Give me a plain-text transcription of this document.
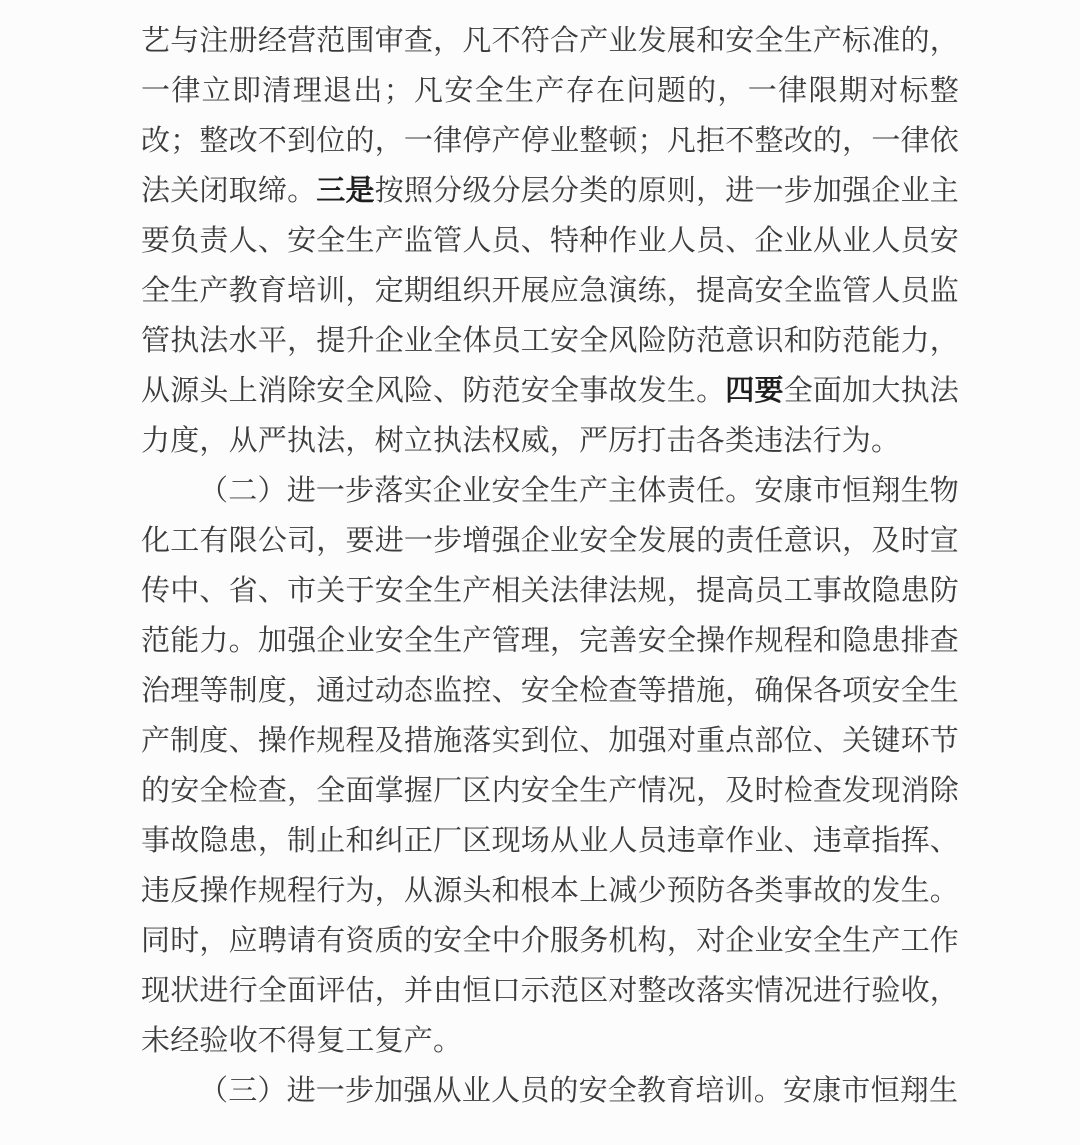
艺与注册经营范围审查，凡不符合产业发展和安全生产标准的，一律立即清理退出；凡安全生产存在问题的，一律限期对标整改；整改不到位的，一律停产停业整顿；凡拒不整改的，一律依法关闭取缔。三是按照分级分层分类的原则，进一步加强企业主要负责人、安全生产监管人员、特种作业人员、企业从业人员安全生产教育培训，定期组织开展应急演练，提高安全监管人员监管执法水平，提升企业全体员工安全风险防范意识和防范能力，从源头上消除安全风险、防范安全事故发生。四要全面加大执法力度，从严执法，树立执法权威，严厉打击各类违法行为。

（二）进一步落实企业安全生产主体责任。安康市恒翔生物化工有限公司，要进一步增强企业安全发展的责任意识，及时宣传中、省、市关于安全生产相关法律法规，提高员工事故隐患防范能力。加强企业安全生产管理，完善安全操作规程和隐患排查治理等制度，通过动态监控、安全检查等措施，确保各项安全生产制度、操作规程及措施落实到位、加强对重点部位、关键环节的安全检查，全面掌握厂区内安全生产情况，及时检查发现消除事故隐患，制止和纠正厂区现场从业人员违章作业、违章指挥、违反操作规程行为，从源头和根本上减少预防各类事故的发生。同时，应聘请有资质的安全中介服务机构，对企业安全生产工作现状进行全面评估，并由恒口示范区对整改落实情况进行验收，未经验收不得复工复产。

（三）进一步加强从业人员的安全教育培训。安康市恒翔生
